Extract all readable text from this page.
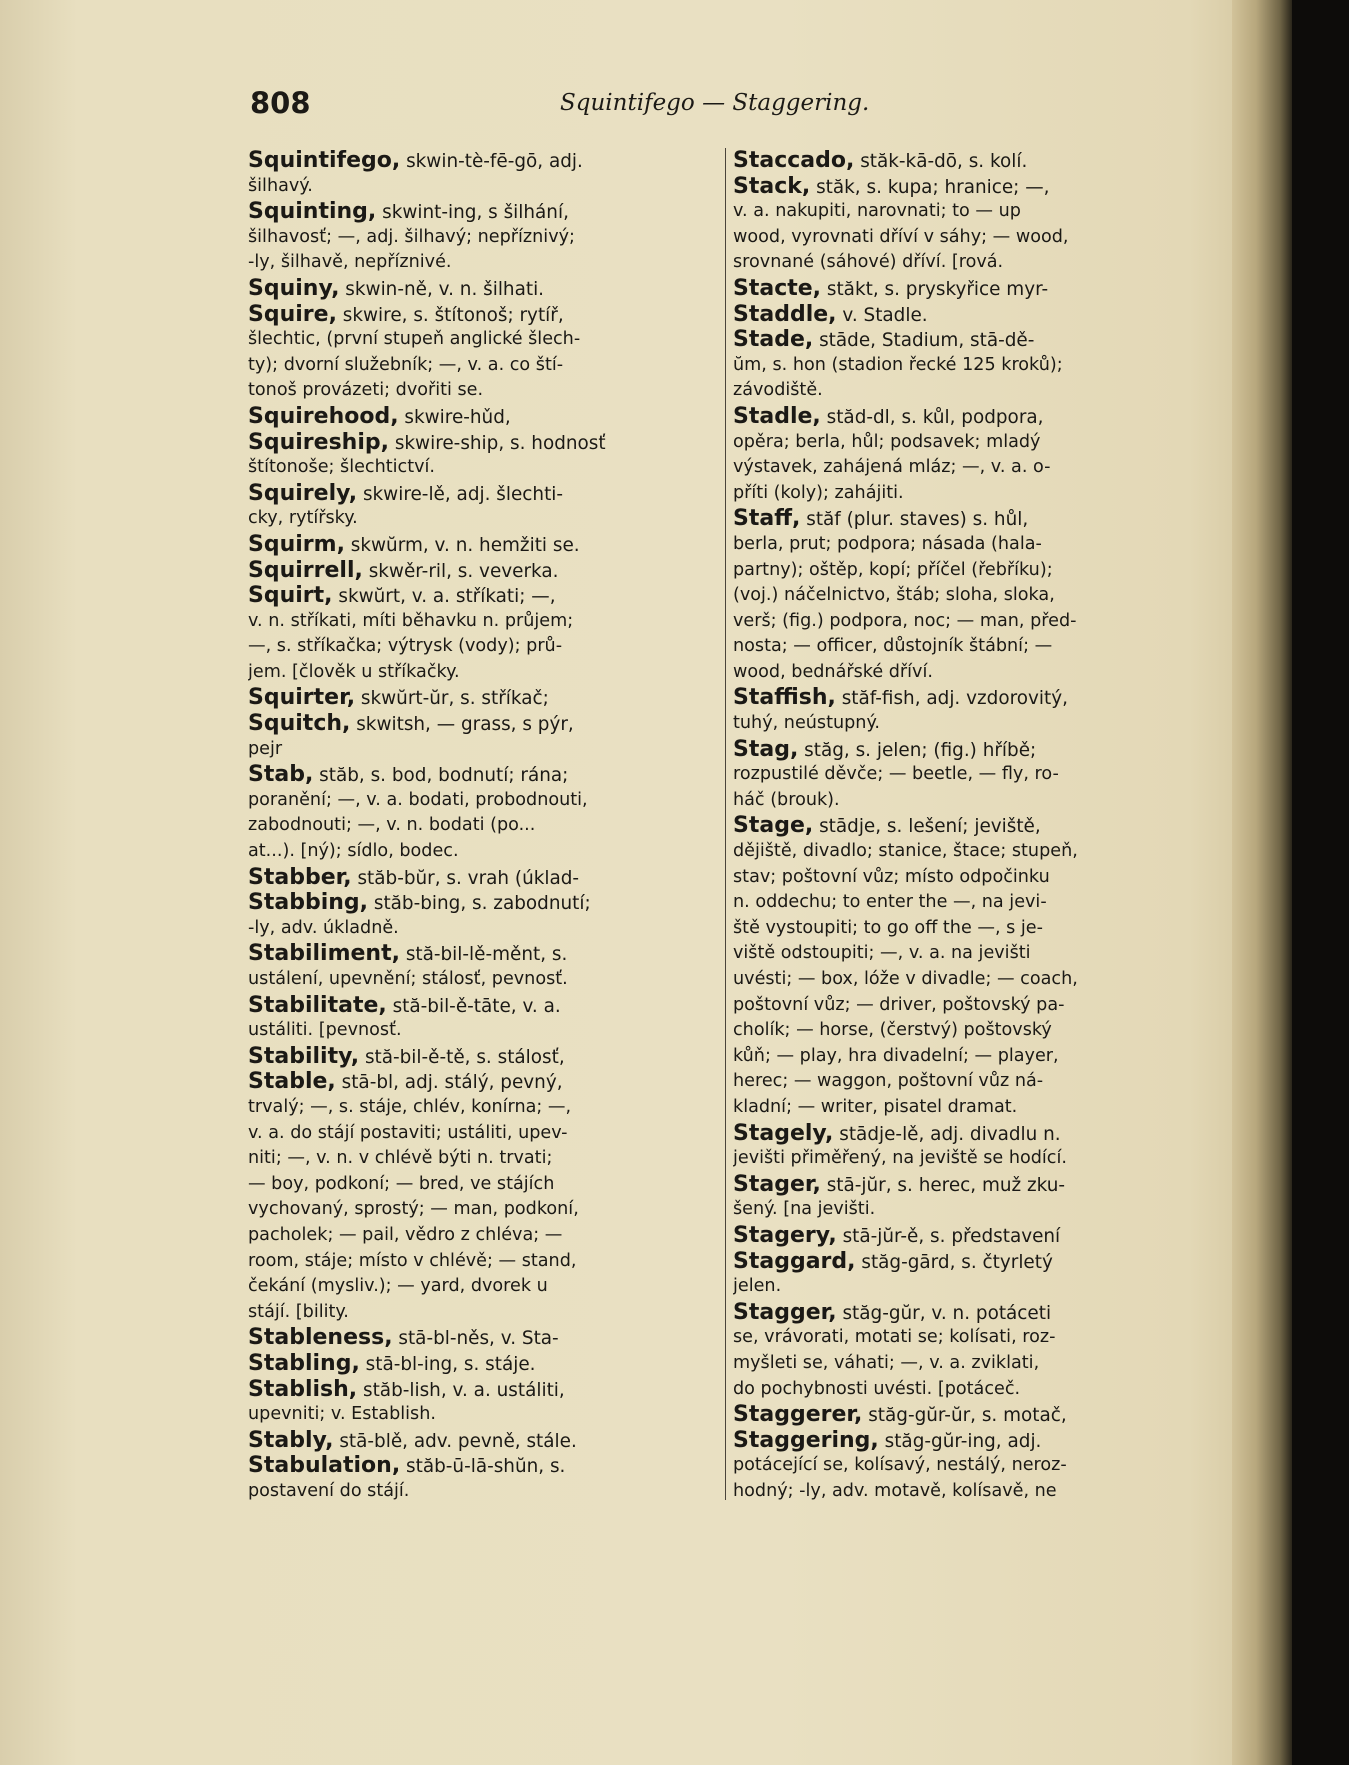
808	Squintifego — Staggering.
Squintifego, skwin-tè-fē-gō, adj.
šilhavý.
Squinting, skwint-ing, s šilhání,
šilhavosť; —, adj. šilhavý; nepříznivý;
-ly, šilhavě, nepříznivé.
Squiny, skwin-ně, v. n. šilhati.
Squire, skwire, s. štítonoš; rytíř,
šlechtic, (první stupeň anglické šlech-
ty); dvorní služebník; —, v. a. co ští-
tonoš provázeti; dvořiti se.
Squirehood, skwire-hǔd,
Squireship, skwire-ship, s. hodnosť
štítonoše; šlechtictví.
Squirely, skwire-lě, adj. šlechti-
cky, rytířsky.
Squirm, skwŭrm, v. n. hemžiti se.
Squirrell, skwěr-ril, s. veverka.
Squirt, skwŭrt, v. a. stříkati; —,
v. n. stříkati, míti běhavku n. průjem;
—, s. stříkačka; výtrysk (vody); prů-
jem. [člověk u stříkačky.
Squirter, skwŭrt-ŭr, s. stříkač;
Squitch, skwitsh, — grass, s pýr,
pejr
Stab, stăb, s. bod, bodnutí; rána;
poranění; —, v. a. bodati, probodnouti,
zabodnouti; —, v. n. bodati (po...
at...). [ný); sídlo, bodec.
Stabber, stăb-bŭr, s. vrah (úklad-
Stabbing, stăb-bing, s. zabodnutí;
-ly, adv. úkladně.
Stabiliment, stă-bil-lě-měnt, s.
ustálení, upevnění; stálosť, pevnosť.
Stabilitate, stă-bil-ě-tāte, v. a.
ustáliti. [pevnosť.
Stability, stă-bil-ě-tě, s. stálosť,
Stable, stā-bl, adj. stálý, pevný,
trvalý; —, s. stáje, chlév, konírna; —,
v. a. do stájí postaviti; ustáliti, upev-
niti; —, v. n. v chlévě býti n. trvati;
— boy, podkoní; — bred, ve stájích
vychovaný, sprostý; — man, podkoní,
pacholek; — pail, vědro z chléva; —
room, stáje; místo v chlévě; — stand,
čekání (mysliv.); — yard, dvorek u
stájí. [bility.
Stableness, stā-bl-něs, v. Sta-
Stabling, stā-bl-ing, s. stáje.
Stablish, stăb-lish, v. a. ustáliti,
upevniti; v. Establish.
Stably, stā-blě, adv. pevně, stále.
Stabulation, stăb-ū-lā-shŭn, s.
postavení do stájí.
Staccado, stăk-kā-dō, s. kolí.
Stack, stăk, s. kupa; hranice; —,
v. a. nakupiti, narovnati; to — up
wood, vyrovnati dříví v sáhy; — wood,
srovnané (sáhové) dříví. [rová.
Stacte, stăkt, s. pryskyřice myr-
Staddle, v. Stadle.
Stade, stāde, Stadium, stā-dě-
ŭm, s. hon (stadion řecké 125 kroků);
závodiště.
Stadle, stăd-dl, s. kůl, podpora,
opěra; berla, hůl; podsavek; mladý
výstavek, zahájená mláz; —, v. a. o-
příti (koly); zahájiti.
Staff, stăf (plur. staves) s. hůl,
berla, prut; podpora; násada (hala-
partny); oštěp, kopí; příčel (řebříku);
(voj.) náčelnictvo, štáb; sloha, sloka,
verš; (fig.) podpora, noc; — man, před-
nosta; — officer, důstojník štábní; —
wood, bednářské dříví.
Staffish, stăf-fish, adj. vzdorovitý,
tuhý, neústupný.
Stag, stăg, s. jelen; (fig.) hříbě;
rozpustilé děvče; — beetle, — fly, ro-
háč (brouk).
Stage, stādje, s. lešení; jeviště,
dějiště, divadlo; stanice, štace; stupeň,
stav; poštovní vůz; místo odpočinku
n. oddechu; to enter the —, na jevi-
ště vystoupiti; to go off the —, s je-
viště odstoupiti; —, v. a. na jevišti
uvésti; — box, lóže v divadle; — coach,
poštovní vůz; — driver, poštovský pa-
cholík; — horse, (čerstvý) poštovský
kůň; — play, hra divadelní; — player,
herec; — waggon, poštovní vůz ná-
kladní; — writer, pisatel dramat.
Stagely, stādje-lě, adj. divadlu n.
jevišti přiměřený, na jeviště se hodící.
Stager, stā-jŭr, s. herec, muž zku-
šený. [na jevišti.
Stagery, stā-jŭr-ě, s. představení
Staggard, stăg-gārd, s. čtyrletý
jelen.
Stagger, stăg-gŭr, v. n. potáceti
se, vrávorati, motati se; kolísati, roz-
myšleti se, váhati; —, v. a. zviklati,
do pochybnosti uvésti. [potáceč.
Staggerer, stăg-gŭr-ŭr, s. motač,
Staggering, stăg-gŭr-ing, adj.
potácející se, kolísavý, nestálý, neroz-
hodný; -ly, adv. motavě, kolísavě, ne
